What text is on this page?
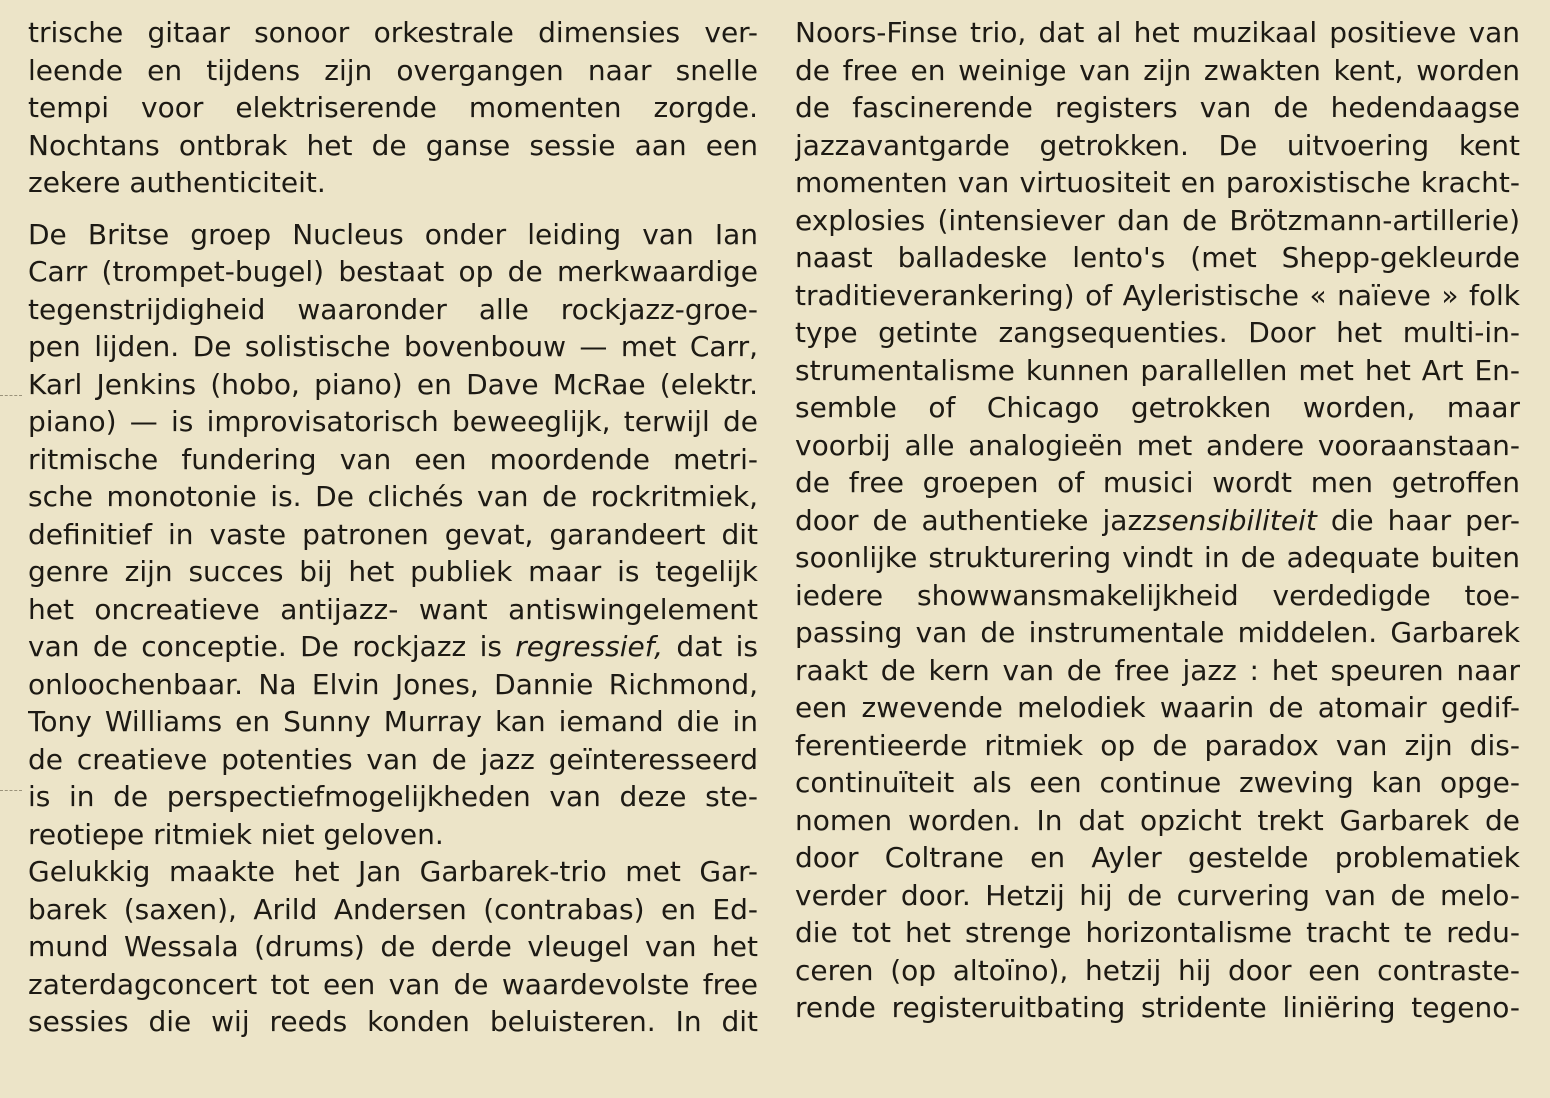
trische gitaar sonoor orkestrale dimensies ver-
leende en tijdens zijn overgangen naar snelle
tempi voor elektriserende momenten zorgde.
Nochtans ontbrak het de ganse sessie aan een
zekere authenticiteit.
De Britse groep Nucleus onder leiding van Ian
Carr (trompet-bugel) bestaat op de merkwaardige
tegenstrijdigheid waaronder alle rockjazz-groe-
pen lijden. De solistische bovenbouw — met Carr,
Karl Jenkins (hobo, piano) en Dave McRae (elektr.
piano) — is improvisatorisch beweeglijk, terwijl de
ritmische fundering van een moordende metri-
sche monotonie is. De clichés van de rockritmiek,
definitief in vaste patronen gevat, garandeert dit
genre zijn succes bij het publiek maar is tegelijk
het oncreatieve antijazz- want antiswingelement
van de conceptie. De rockjazz is regressief, dat is
onloochenbaar. Na Elvin Jones, Dannie Richmond,
Tony Williams en Sunny Murray kan iemand die in
de creatieve potenties van de jazz geïnteresseerd
is in de perspectiefmogelijkheden van deze ste-
reotiepe ritmiek niet geloven.
Gelukkig maakte het Jan Garbarek-trio met Gar-
barek (saxen), Arild Andersen (contrabas) en Ed-
mund Wessala (drums) de derde vleugel van het
zaterdagconcert tot een van de waardevolste free
sessies die wij reeds konden beluisteren. In dit
Noors-Finse trio, dat al het muzikaal positieve van
de free en weinige van zijn zwakten kent, worden
de fascinerende registers van de hedendaagse
jazzavantgarde getrokken. De uitvoering kent
momenten van virtuositeit en paroxistische kracht-
explosies (intensiever dan de Brötzmann-artillerie)
naast balladeske lento's (met Shepp-gekleurde
traditieverankering) of Ayleristische « naïeve » folk
type getinte zangsequenties. Door het multi-in-
strumentalisme kunnen parallellen met het Art En-
semble of Chicago getrokken worden, maar
voorbij alle analogieën met andere vooraanstaan-
de free groepen of musici wordt men getroffen
door de authentieke jazzsensibiliteit die haar per-
soonlijke strukturering vindt in de adequate buiten
iedere showwansmakelijkheid verdedigde toe-
passing van de instrumentale middelen. Garbarek
raakt de kern van de free jazz : het speuren naar
een zwevende melodiek waarin de atomair gedif-
ferentieerde ritmiek op de paradox van zijn dis-
continuïteit als een continue zweving kan opge-
nomen worden. In dat opzicht trekt Garbarek de
door Coltrane en Ayler gestelde problematiek
verder door. Hetzij hij de curvering van de melo-
die tot het strenge horizontalisme tracht te redu-
ceren (op altoïno), hetzij hij door een contraste-
rende registeruitbating stridente liniëring tegeno-
